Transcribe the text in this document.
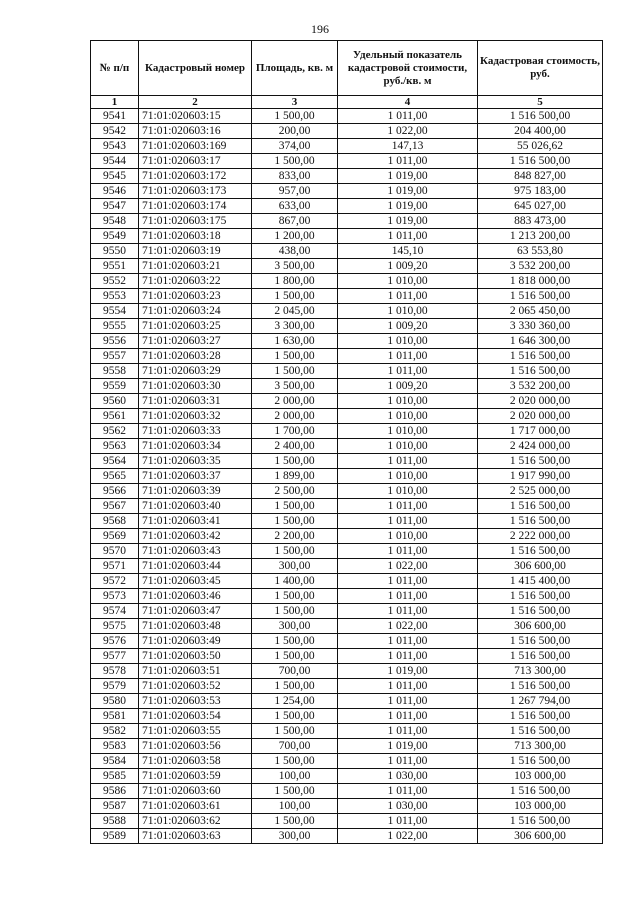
196
№ п/п	Кадастровый номер	Площадь, кв. м	Удельный показатель кадастровой стоимости, руб./кв. м	Кадастровая стоимость, руб.
1	2	3	4	5
9541	71:01:020603:15	1 500,00	1 011,00	1 516 500,00
9542	71:01:020603:16	200,00	1 022,00	204 400,00
9543	71:01:020603:169	374,00	147,13	55 026,62
9544	71:01:020603:17	1 500,00	1 011,00	1 516 500,00
9545	71:01:020603:172	833,00	1 019,00	848 827,00
9546	71:01:020603:173	957,00	1 019,00	975 183,00
9547	71:01:020603:174	633,00	1 019,00	645 027,00
9548	71:01:020603:175	867,00	1 019,00	883 473,00
9549	71:01:020603:18	1 200,00	1 011,00	1 213 200,00
9550	71:01:020603:19	438,00	145,10	63 553,80
9551	71:01:020603:21	3 500,00	1 009,20	3 532 200,00
9552	71:01:020603:22	1 800,00	1 010,00	1 818 000,00
9553	71:01:020603:23	1 500,00	1 011,00	1 516 500,00
9554	71:01:020603:24	2 045,00	1 010,00	2 065 450,00
9555	71:01:020603:25	3 300,00	1 009,20	3 330 360,00
9556	71:01:020603:27	1 630,00	1 010,00	1 646 300,00
9557	71:01:020603:28	1 500,00	1 011,00	1 516 500,00
9558	71:01:020603:29	1 500,00	1 011,00	1 516 500,00
9559	71:01:020603:30	3 500,00	1 009,20	3 532 200,00
9560	71:01:020603:31	2 000,00	1 010,00	2 020 000,00
9561	71:01:020603:32	2 000,00	1 010,00	2 020 000,00
9562	71:01:020603:33	1 700,00	1 010,00	1 717 000,00
9563	71:01:020603:34	2 400,00	1 010,00	2 424 000,00
9564	71:01:020603:35	1 500,00	1 011,00	1 516 500,00
9565	71:01:020603:37	1 899,00	1 010,00	1 917 990,00
9566	71:01:020603:39	2 500,00	1 010,00	2 525 000,00
9567	71:01:020603:40	1 500,00	1 011,00	1 516 500,00
9568	71:01:020603:41	1 500,00	1 011,00	1 516 500,00
9569	71:01:020603:42	2 200,00	1 010,00	2 222 000,00
9570	71:01:020603:43	1 500,00	1 011,00	1 516 500,00
9571	71:01:020603:44	300,00	1 022,00	306 600,00
9572	71:01:020603:45	1 400,00	1 011,00	1 415 400,00
9573	71:01:020603:46	1 500,00	1 011,00	1 516 500,00
9574	71:01:020603:47	1 500,00	1 011,00	1 516 500,00
9575	71:01:020603:48	300,00	1 022,00	306 600,00
9576	71:01:020603:49	1 500,00	1 011,00	1 516 500,00
9577	71:01:020603:50	1 500,00	1 011,00	1 516 500,00
9578	71:01:020603:51	700,00	1 019,00	713 300,00
9579	71:01:020603:52	1 500,00	1 011,00	1 516 500,00
9580	71:01:020603:53	1 254,00	1 011,00	1 267 794,00
9581	71:01:020603:54	1 500,00	1 011,00	1 516 500,00
9582	71:01:020603:55	1 500,00	1 011,00	1 516 500,00
9583	71:01:020603:56	700,00	1 019,00	713 300,00
9584	71:01:020603:58	1 500,00	1 011,00	1 516 500,00
9585	71:01:020603:59	100,00	1 030,00	103 000,00
9586	71:01:020603:60	1 500,00	1 011,00	1 516 500,00
9587	71:01:020603:61	100,00	1 030,00	103 000,00
9588	71:01:020603:62	1 500,00	1 011,00	1 516 500,00
9589	71:01:020603:63	300,00	1 022,00	306 600,00
